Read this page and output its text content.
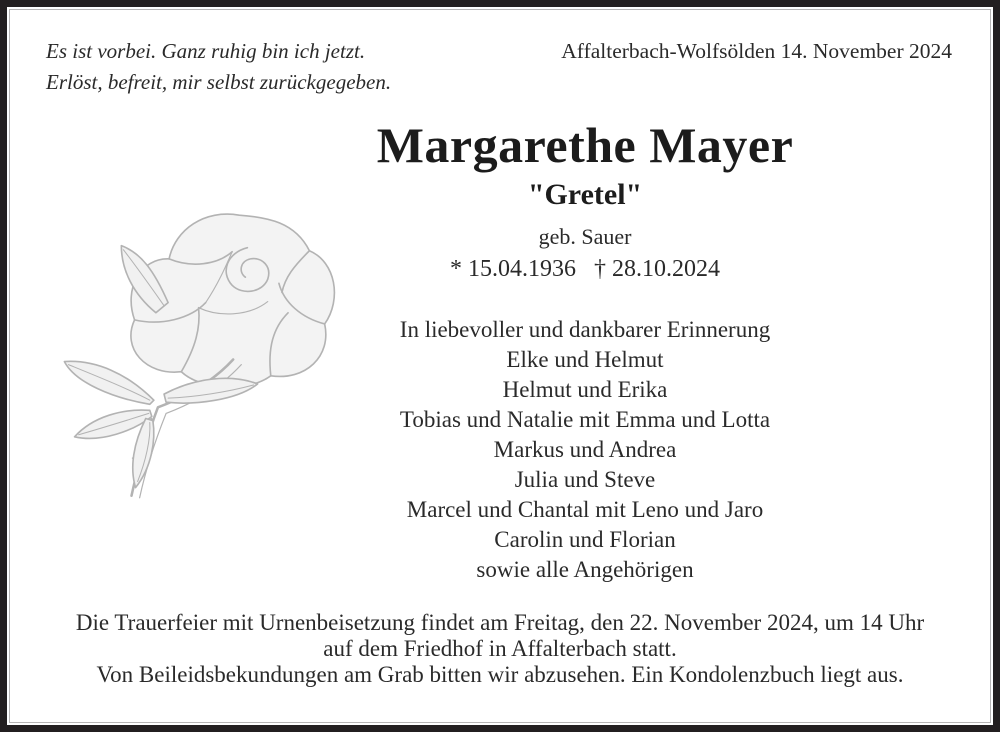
Es ist vorbei. Ganz ruhig bin ich jetzt.
Erlöst, befreit, mir selbst zurückgegeben.
Affalterbach-Wolfsölden 14. November 2024
Margarethe Mayer
"Gretel"
geb. Sauer
* 15.04.1936 † 28.10.2024
In liebevoller und dankbarer Erinnerung
Elke und Helmut
Helmut und Erika
Tobias und Natalie mit Emma und Lotta
Markus und Andrea
Julia und Steve
Marcel und Chantal mit Leno und Jaro
Carolin und Florian
sowie alle Angehörigen
Die Trauerfeier mit Urnenbeisetzung findet am Freitag, den 22. November 2024, um 14 Uhr
auf dem Friedhof in Affalterbach statt.
Von Beileidsbekundungen am Grab bitten wir abzusehen. Ein Kondolenzbuch liegt aus.
